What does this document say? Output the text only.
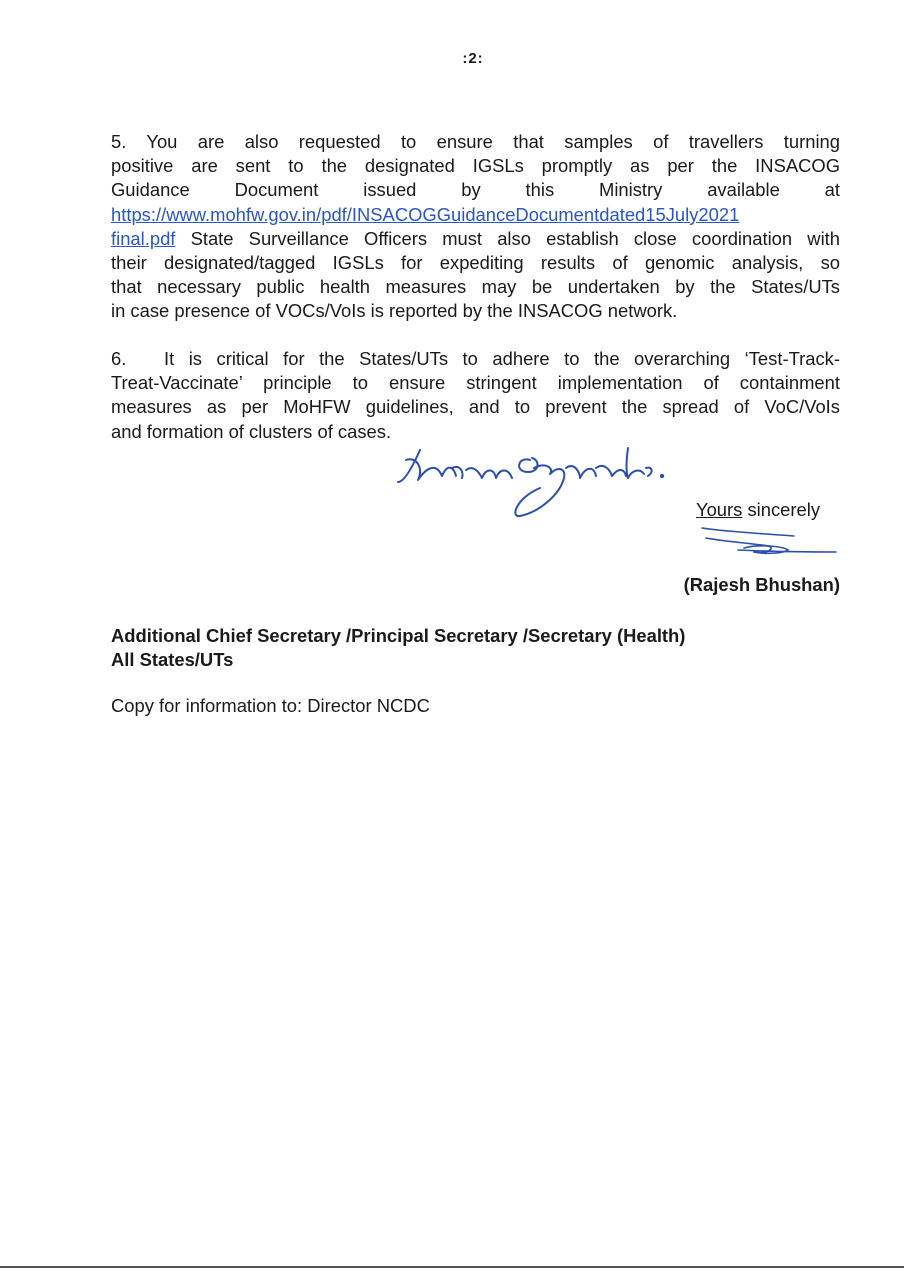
:2:
5. You are also requested to ensure that samples of travellers turning
positive are sent to the designated IGSLs promptly as per the INSACOG
Guidance Document issued by this Ministry available at
https://www.mohfw.gov.in/pdf/INSACOGGuidanceDocumentdated15July2021
final.pdf State Surveillance Officers must also establish close coordination with
their designated/tagged IGSLs for expediting results of genomic analysis, so
that necessary public health measures may be undertaken by the States/UTs
in case presence of VOCs/VoIs is reported by the INSACOG network.
6. It is critical for the States/UTs to adhere to the overarching ‘Test-Track-
Treat-Vaccinate’ principle to ensure stringent implementation of containment
measures as per MoHFW guidelines, and to prevent the spread of VoC/VoIs
and formation of clusters of cases.
Yours sincerely
(Rajesh Bhushan)
Additional Chief Secretary /Principal Secretary /Secretary (Health)
All States/UTs
Copy for information to: Director NCDC
